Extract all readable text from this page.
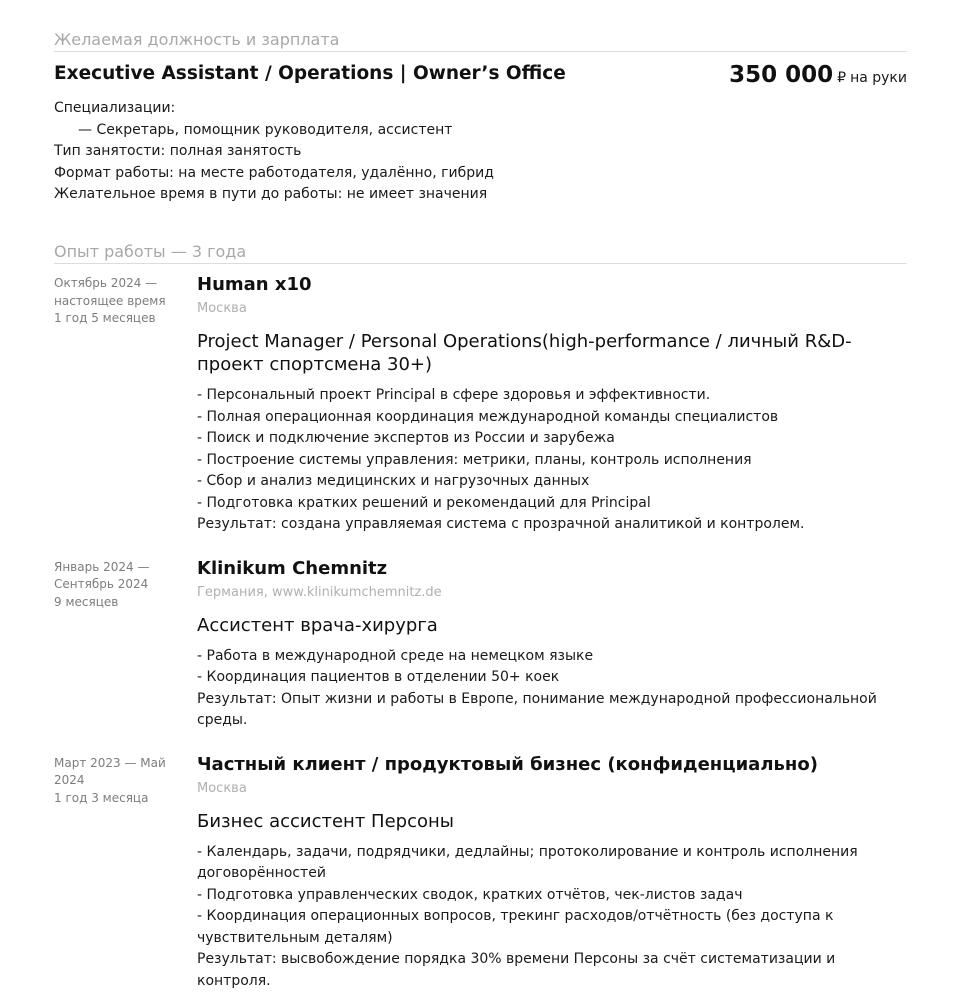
Желаемая должность и зарплата
Executive Assistant / Operations | Owner’s Office	350 000 ₽ на руки
Специализации:
— Секретарь, помощник руководителя, ассистент
Тип занятости: полная занятость
Формат работы: на месте работодателя, удалённо, гибрид
Желательное время в пути до работы: не имеет значения
Опыт работы — 3 года
Октябрь 2024 —
настоящее время
1 год 5 месяцев
Human x10
Москва
Project Manager / Personal Operations(high-performance / личный R&D-проект спортсмена 30+)
- Персональный проект Principal в сфере здоровья и эффективности.
- Полная операционная координация международной команды специалистов
- Поиск и подключение экспертов из России и зарубежа
- Построение системы управления: метрики, планы, контроль исполнения
- Сбор и анализ медицинских и нагрузочных данных
- Подготовка кратких решений и рекомендаций для Principal
Результат: создана управляемая система с прозрачной аналитикой и контролем.
Январь 2024 —
Сентябрь 2024
9 месяцев
Klinikum Chemnitz
Германия, www.klinikumchemnitz.de
Ассистент врача-хирурга
- Работа в международной среде на немецком языке
- Координация пациентов в отделении 50+ коек
Результат: Опыт жизни и работы в Европе, понимание международной профессиональной среды.
Март 2023 — Май
2024
1 год 3 месяца
Частный клиент / продуктовый бизнес (конфиденциально)
Москва
Бизнес ассистент Персоны
- Календарь, задачи, подрядчики, дедлайны; протоколирование и контроль исполнения договорённостей
- Подготовка управленческих сводок, кратких отчётов, чек-листов задач
- Координация операционных вопросов, трекинг расходов/отчётность (без доступа к чувствительным деталям)
Результат: высвобождение порядка 30% времени Персоны за счёт систематизации и контроля.
